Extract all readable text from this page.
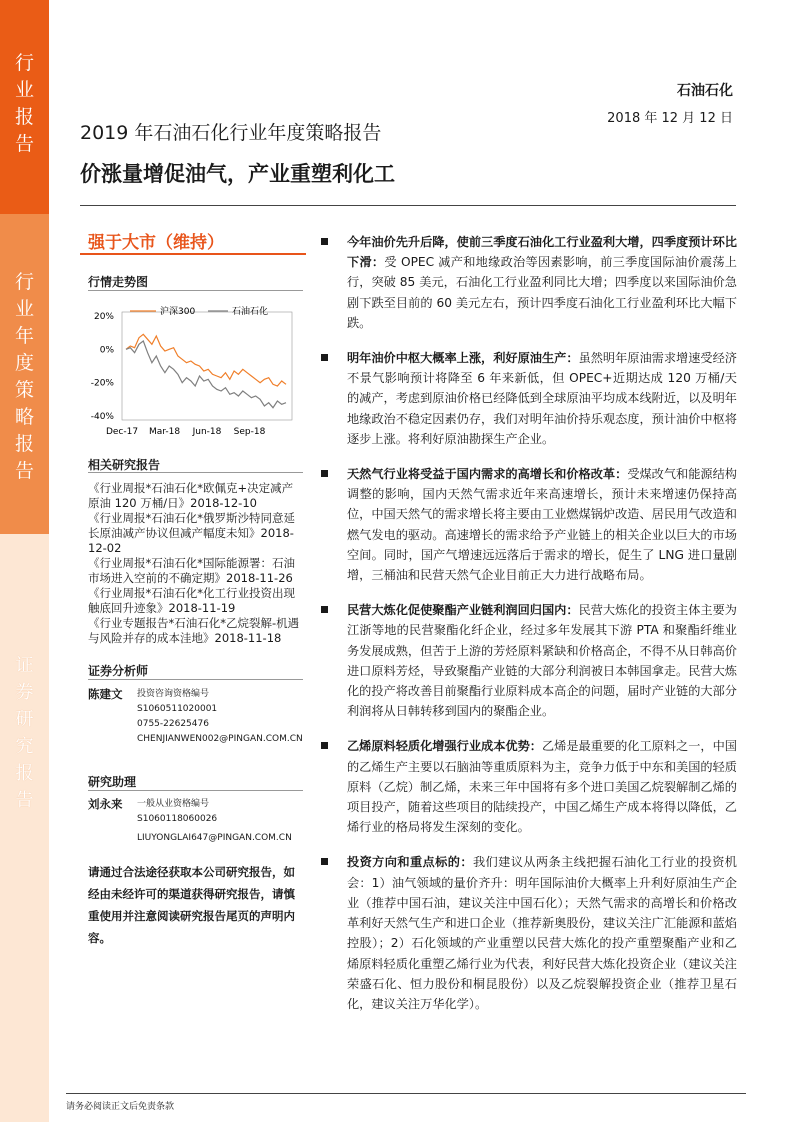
行
业
报
告
行
业
年
度
策
略
报
告
证
券
研
究
报
告
石油石化
2018 年 12 月 12 日
2019 年石油石化行业年度策略报告
价涨量增促油气，产业重塑利化工
强于大市（维持）
行情走势图
沪深300	石油石化
20%
0%
-20%
-40%
Dec-17 Mar-18 Jun-18 Sep-18
相关研究报告
《行业周报*石油石化*欧佩克+决定减产原油 120 万桶/日》2018-12-10
《行业周报*石油石化*俄罗斯沙特同意延长原油减产协议但减产幅度未知》2018-12-02
《行业周报*石油石化*国际能源署：石油市场进入空前的不确定期》2018-11-26
《行业周报*石油石化*化工行业投资出现触底回升迹象》2018-11-19
《行业专题报告*石油石化*乙烷裂解-机遇与风险并存的成本洼地》2018-11-18
证券分析师
陈建文 投资咨询资格编号
S1060511020001
0755-22625476
CHENJIANWEN002@PINGAN.COM.CN
研究助理
刘永来 一般从业资格编号
S1060118060026
LIUYONGLAI647@PINGAN.COM.CN
请通过合法途径获取本公司研究报告，如经由未经许可的渠道获得研究报告，请慎重使用并注意阅读研究报告尾页的声明内容。
今年油价先升后降，使前三季度石油化工行业盈利大增，四季度预计环比下滑：受 OPEC 减产和地缘政治等因素影响，前三季度国际油价震荡上行，突破 85 美元，石油化工行业盈利同比大增；四季度以来国际油价急剧下跌至目前的 60 美元左右，预计四季度石油化工行业盈利环比大幅下跌。
明年油价中枢大概率上涨，利好原油生产：虽然明年原油需求增速受经济不景气影响预计将降至 6 年来新低，但 OPEC+近期达成 120 万桶/天的减产，考虑到原油价格已经降低到全球原油平均成本线附近，以及明年地缘政治不稳定因素仍存，我们对明年油价持乐观态度，预计油价中枢将逐步上涨。将利好原油勘探生产企业。
天然气行业将受益于国内需求的高增长和价格改革：受煤改气和能源结构调整的影响，国内天然气需求近年来高速增长，预计未来增速仍保持高位，中国天然气的需求增长将主要由工业燃煤锅炉改造、居民用气改造和燃气发电的驱动。高速增长的需求给予产业链上的相关企业以巨大的市场空间。同时，国产气增速远远落后于需求的增长，促生了 LNG 进口量剧增，三桶油和民营天然气企业目前正大力进行战略布局。
民营大炼化促使聚酯产业链利润回归国内：民营大炼化的投资主体主要为江浙等地的民营聚酯化纤企业，经过多年发展其下游 PTA 和聚酯纤维业务发展成熟，但苦于上游的芳烃原料紧缺和价格高企，不得不从日韩高价进口原料芳烃，导致聚酯产业链的大部分利润被日本韩国拿走。民营大炼化的投产将改善目前聚酯行业原料成本高企的问题，届时产业链的大部分利润将从日韩转移到国内的聚酯企业。
乙烯原料轻质化增强行业成本优势：乙烯是最重要的化工原料之一，中国的乙烯生产主要以石脑油等重质原料为主，竞争力低于中东和美国的轻质原料（乙烷）制乙烯，未来三年中国将有多个进口美国乙烷裂解制乙烯的项目投产，随着这些项目的陆续投产，中国乙烯生产成本将得以降低，乙烯行业的格局将发生深刻的变化。
投资方向和重点标的：我们建议从两条主线把握石油化工行业的投资机会：1）油气领域的量价齐升：明年国际油价大概率上升利好原油生产企业（推荐中国石油，建议关注中国石化）；天然气需求的高增长和价格改革利好天然气生产和进口企业（推荐新奥股份，建议关注广汇能源和蓝焰控股）；2）石化领域的产业重塑以民营大炼化的投产重塑聚酯产业和乙烯原料轻质化重塑乙烯行业为代表，利好民营大炼化投资企业（建议关注荣盛石化、恒力股份和桐昆股份）以及乙烷裂解投资企业（推荐卫星石化，建议关注万华化学）。
请务必阅读正文后免责条款
